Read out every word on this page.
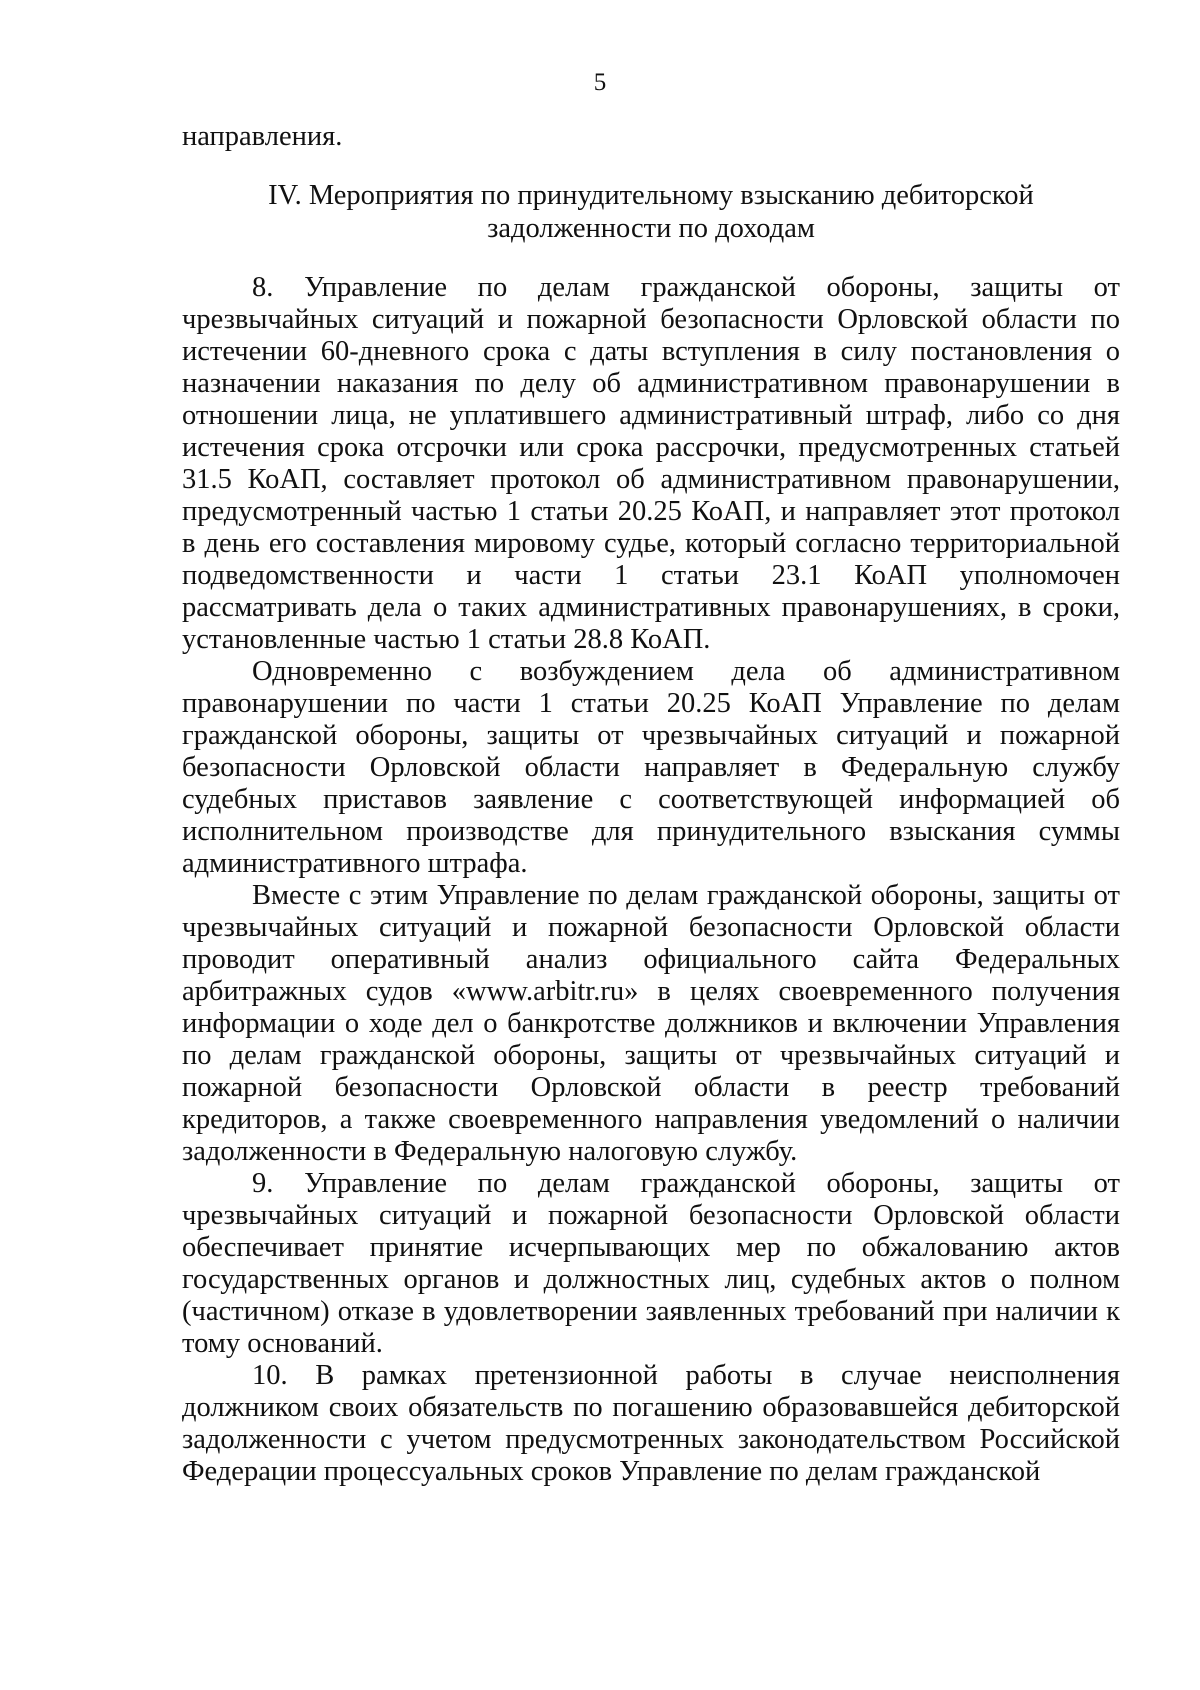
5

направления.

IV. Мероприятия по принудительному взысканию дебиторской
задолженности по доходам

8. Управление по делам гражданской обороны, защиты от чрезвычайных ситуаций и пожарной безопасности Орловской области по истечении 60-дневного срока с даты вступления в силу постановления о назначении наказания по делу об административном правонарушении в отношении лица, не уплатившего административный штраф, либо со дня истечения срока отсрочки или срока рассрочки, предусмотренных статьей 31.5 КоАП, составляет протокол об административном правонарушении, предусмотренный частью 1 статьи 20.25 КоАП, и направляет этот протокол в день его составления мировому судье, который согласно территориальной подведомственности и части 1 статьи 23.1 КоАП уполномочен рассматривать дела о таких административных правонарушениях, в сроки, установленные частью 1 статьи 28.8 КоАП.

Одновременно с возбуждением дела об административном правонарушении по части 1 статьи 20.25 КоАП Управление по делам гражданской обороны, защиты от чрезвычайных ситуаций и пожарной безопасности Орловской области направляет в Федеральную службу судебных приставов заявление с соответствующей информацией об исполнительном производстве для принудительного взыскания суммы административного штрафа.

Вместе с этим Управление по делам гражданской обороны, защиты от чрезвычайных ситуаций и пожарной безопасности Орловской области проводит оперативный анализ официального сайта Федеральных арбитражных судов «www.arbitr.ru» в целях своевременного получения информации о ходе дел о банкротстве должников и включении Управления по делам гражданской обороны, защиты от чрезвычайных ситуаций и пожарной безопасности Орловской области в реестр требований кредиторов, а также своевременного направления уведомлений о наличии задолженности в Федеральную налоговую службу.

9. Управление по делам гражданской обороны, защиты от чрезвычайных ситуаций и пожарной безопасности Орловской области обеспечивает принятие исчерпывающих мер по обжалованию актов государственных органов и должностных лиц, судебных актов о полном (частичном) отказе в удовлетворении заявленных требований при наличии к тому оснований.

10. В рамках претензионной работы в случае неисполнения должником своих обязательств по погашению образовавшейся дебиторской задолженности с учетом предусмотренных законодательством Российской Федерации процессуальных сроков Управление по делам гражданской
